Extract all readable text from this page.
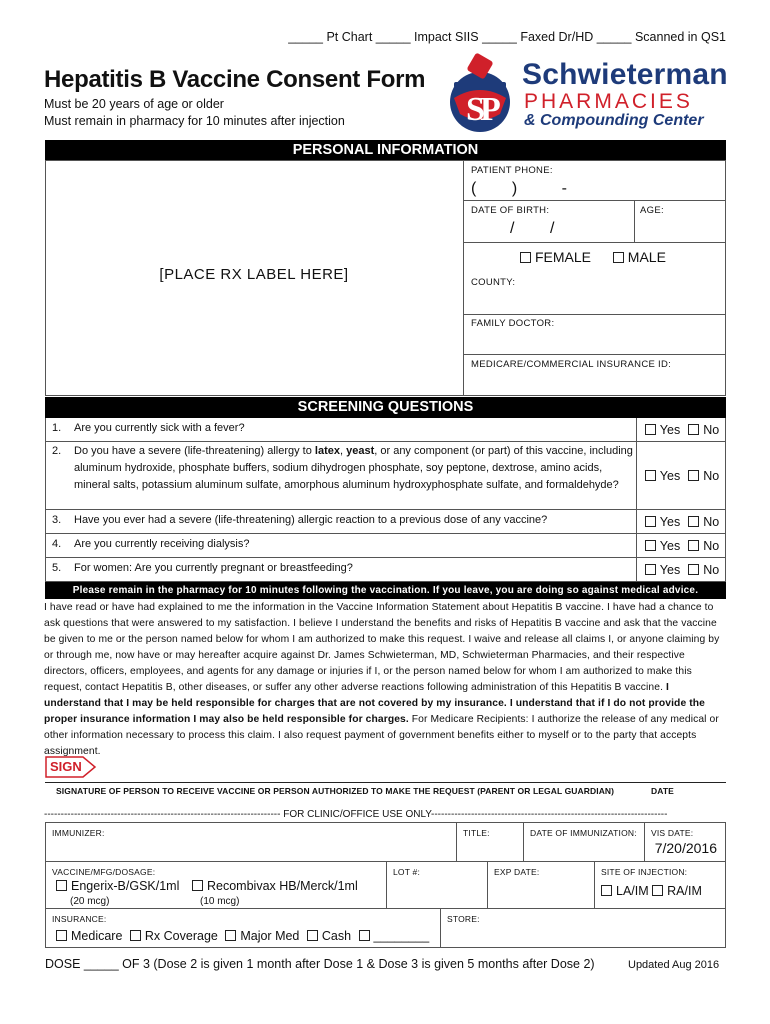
_____ Pt Chart _____ Impact SIIS _____ Faxed Dr/HD _____ Scanned in QS1
Hepatitis B Vaccine Consent Form
Must be 20 years of age or older
Must remain in pharmacy for 10 minutes after injection	S
P
Schwieterman
PHARMACIES
& Compounding Center
PERSONAL INFORMATION
[PLACE RX LABEL HERE]
PATIENT PHONE:
(        )          -
DATE OF BIRTH:	AGE:
/        /
FEMALE	MALE
COUNTY:
FAMILY DOCTOR:
MEDICARE/COMMERCIAL INSURANCE ID:
SCREENING QUESTIONS
1. Are you currently sick with a fever?	Yes No
2. Do you have a severe (life-threatening) allergy to latex, yeast, or any component (or part) of this vaccine, including aluminum hydroxide, phosphate buffers, sodium dihydrogen phosphate, soy peptone, dextrose, amino acids, mineral salts, potassium aluminum sulfate, amorphous aluminum hydroxyphosphate sulfate, and formaldehyde?
Yes No
3. Have you ever had a severe (life-threatening) allergic reaction to a previous dose of any vaccine?	Yes No
4. Are you currently receiving dialysis?	Yes No
5. For women: Are you currently pregnant or breastfeeding?	Yes No
Please remain in the pharmacy for 10 minutes following the vaccination. If you leave, you are doing so against medical advice.
I have read or have had explained to me the information in the Vaccine Information Statement about Hepatitis B vaccine. I have had a chance to ask questions that were answered to my satisfaction. I believe I understand the benefits and risks of Hepatitis B vaccine and ask that the vaccine be given to me or the person named below for whom I am authorized to make this request. I waive and release all claims I, or anyone claiming by or through me, now have or may hereafter acquire against Dr. James Schwieterman, MD, Schwieterman Pharmacies, and their respective directors, officers, employees, and agents for any damage or injuries if I, or the person named below for whom I am authorized to make this request, contact Hepatitis B, other diseases, or suffer any other adverse reactions following administration of this Hepatitis B vaccine. I understand that I may be held responsible for charges that are not covered by my insurance. I understand that if I do not provide the proper insurance information I may also be held responsible for charges. For Medicare Recipients: I authorize the release of any medical or other information necessary to process this claim. I also request payment of government benefits either to myself or to the party that accepts assignment.
SIGN
SIGNATURE OF PERSON TO RECEIVE VACCINE OR PERSON AUTHORIZED TO MAKE THE REQUEST (PARENT OR LEGAL GUARDIAN)	DATE
----------------------------------------------------------------------- FOR CLINIC/OFFICE USE ONLY-----------------------------------------------------------------------
IMMUNIZER:	TITLE:	DATE OF IMMUNIZATION: VIS DATE:
7/20/2016
VACCINE/MFG/DOSAGE:
Engerix-B/GSK/1ml
(20 mcg)
Recombivax HB/Merck/1ml
(10 mcg)
LOT #:	EXP DATE:	SITE OF INJECTION:
LA/IM RA/IM
INSURANCE:
Medicare Rx Coverage Major Med Cash ________
STORE:
DOSE _____ OF 3 (Dose 2 is given 1 month after Dose 1 & Dose 3 is given 5 months after Dose 2)	Updated Aug 2016
